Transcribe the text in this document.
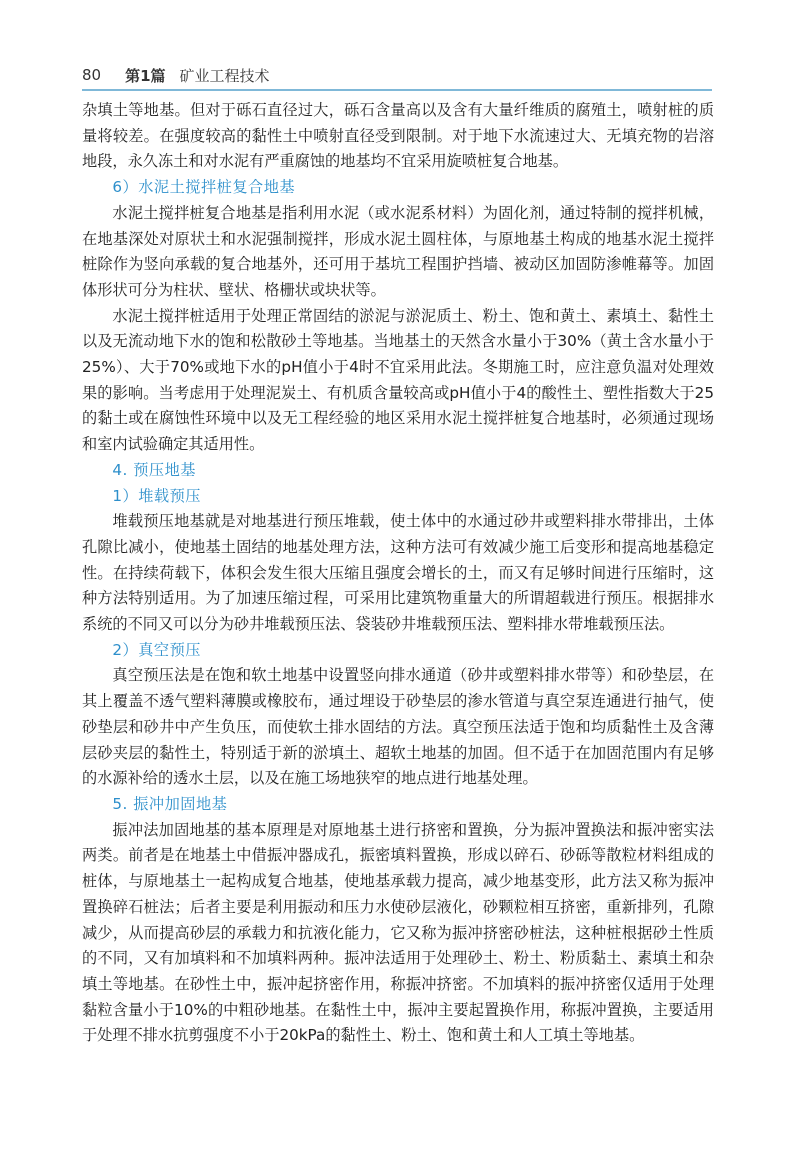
80 第1篇 矿业工程技术

杂填土等地基。但对于砾石直径过大，砾石含量高以及含有大量纤维质的腐殖土，喷射桩的质量将较差。在强度较高的黏性土中喷射直径受到限制。对于地下水流速过大、无填充物的岩溶地段，永久冻土和对水泥有严重腐蚀的地基均不宜采用旋喷桩复合地基。

6）水泥土搅拌桩复合地基

水泥土搅拌桩复合地基是指利用水泥（或水泥系材料）为固化剂，通过特制的搅拌机械，在地基深处对原状土和水泥强制搅拌，形成水泥土圆柱体，与原地基土构成的地基水泥土搅拌桩除作为竖向承载的复合地基外，还可用于基坑工程围护挡墙、被动区加固防渗帷幕等。加固体形状可分为柱状、壁状、格栅状或块状等。

水泥土搅拌桩适用于处理正常固结的淤泥与淤泥质土、粉土、饱和黄土、素填土、黏性土以及无流动地下水的饱和松散砂土等地基。当地基土的天然含水量小于30%（黄土含水量小于25%）、大于70%或地下水的pH值小于4时不宜采用此法。冬期施工时，应注意负温对处理效果的影响。当考虑用于处理泥炭土、有机质含量较高或pH值小于4的酸性土、塑性指数大于25的黏土或在腐蚀性环境中以及无工程经验的地区采用水泥土搅拌桩复合地基时，必须通过现场和室内试验确定其适用性。

4. 预压地基

1）堆载预压

堆载预压地基就是对地基进行预压堆载，使土体中的水通过砂井或塑料排水带排出，土体孔隙比减小，使地基土固结的地基处理方法，这种方法可有效减少施工后变形和提高地基稳定性。在持续荷载下，体积会发生很大压缩且强度会增长的土，而又有足够时间进行压缩时，这种方法特别适用。为了加速压缩过程，可采用比建筑物重量大的所谓超载进行预压。根据排水系统的不同又可以分为砂井堆载预压法、袋装砂井堆载预压法、塑料排水带堆载预压法。

2）真空预压

真空预压法是在饱和软土地基中设置竖向排水通道（砂井或塑料排水带等）和砂垫层，在其上覆盖不透气塑料薄膜或橡胶布，通过埋设于砂垫层的渗水管道与真空泵连通进行抽气，使砂垫层和砂井中产生负压，而使软土排水固结的方法。真空预压法适于饱和均质黏性土及含薄层砂夹层的黏性土，特别适于新的淤填土、超软土地基的加固。但不适于在加固范围内有足够的水源补给的透水土层，以及在施工场地狭窄的地点进行地基处理。

5. 振冲加固地基

振冲法加固地基的基本原理是对原地基土进行挤密和置换，分为振冲置换法和振冲密实法两类。前者是在地基土中借振冲器成孔，振密填料置换，形成以碎石、砂砾等散粒材料组成的桩体，与原地基土一起构成复合地基，使地基承载力提高，减少地基变形，此方法又称为振冲置换碎石桩法；后者主要是利用振动和压力水使砂层液化，砂颗粒相互挤密，重新排列，孔隙减少，从而提高砂层的承载力和抗液化能力，它又称为振冲挤密砂桩法，这种桩根据砂土性质的不同，又有加填料和不加填料两种。振冲法适用于处理砂土、粉土、粉质黏土、素填土和杂填土等地基。在砂性土中，振冲起挤密作用，称振冲挤密。不加填料的振冲挤密仅适用于处理黏粒含量小于10%的中粗砂地基。在黏性土中，振冲主要起置换作用，称振冲置换，主要适用于处理不排水抗剪强度不小于20kPa的黏性土、粉土、饱和黄土和人工填土等地基。
